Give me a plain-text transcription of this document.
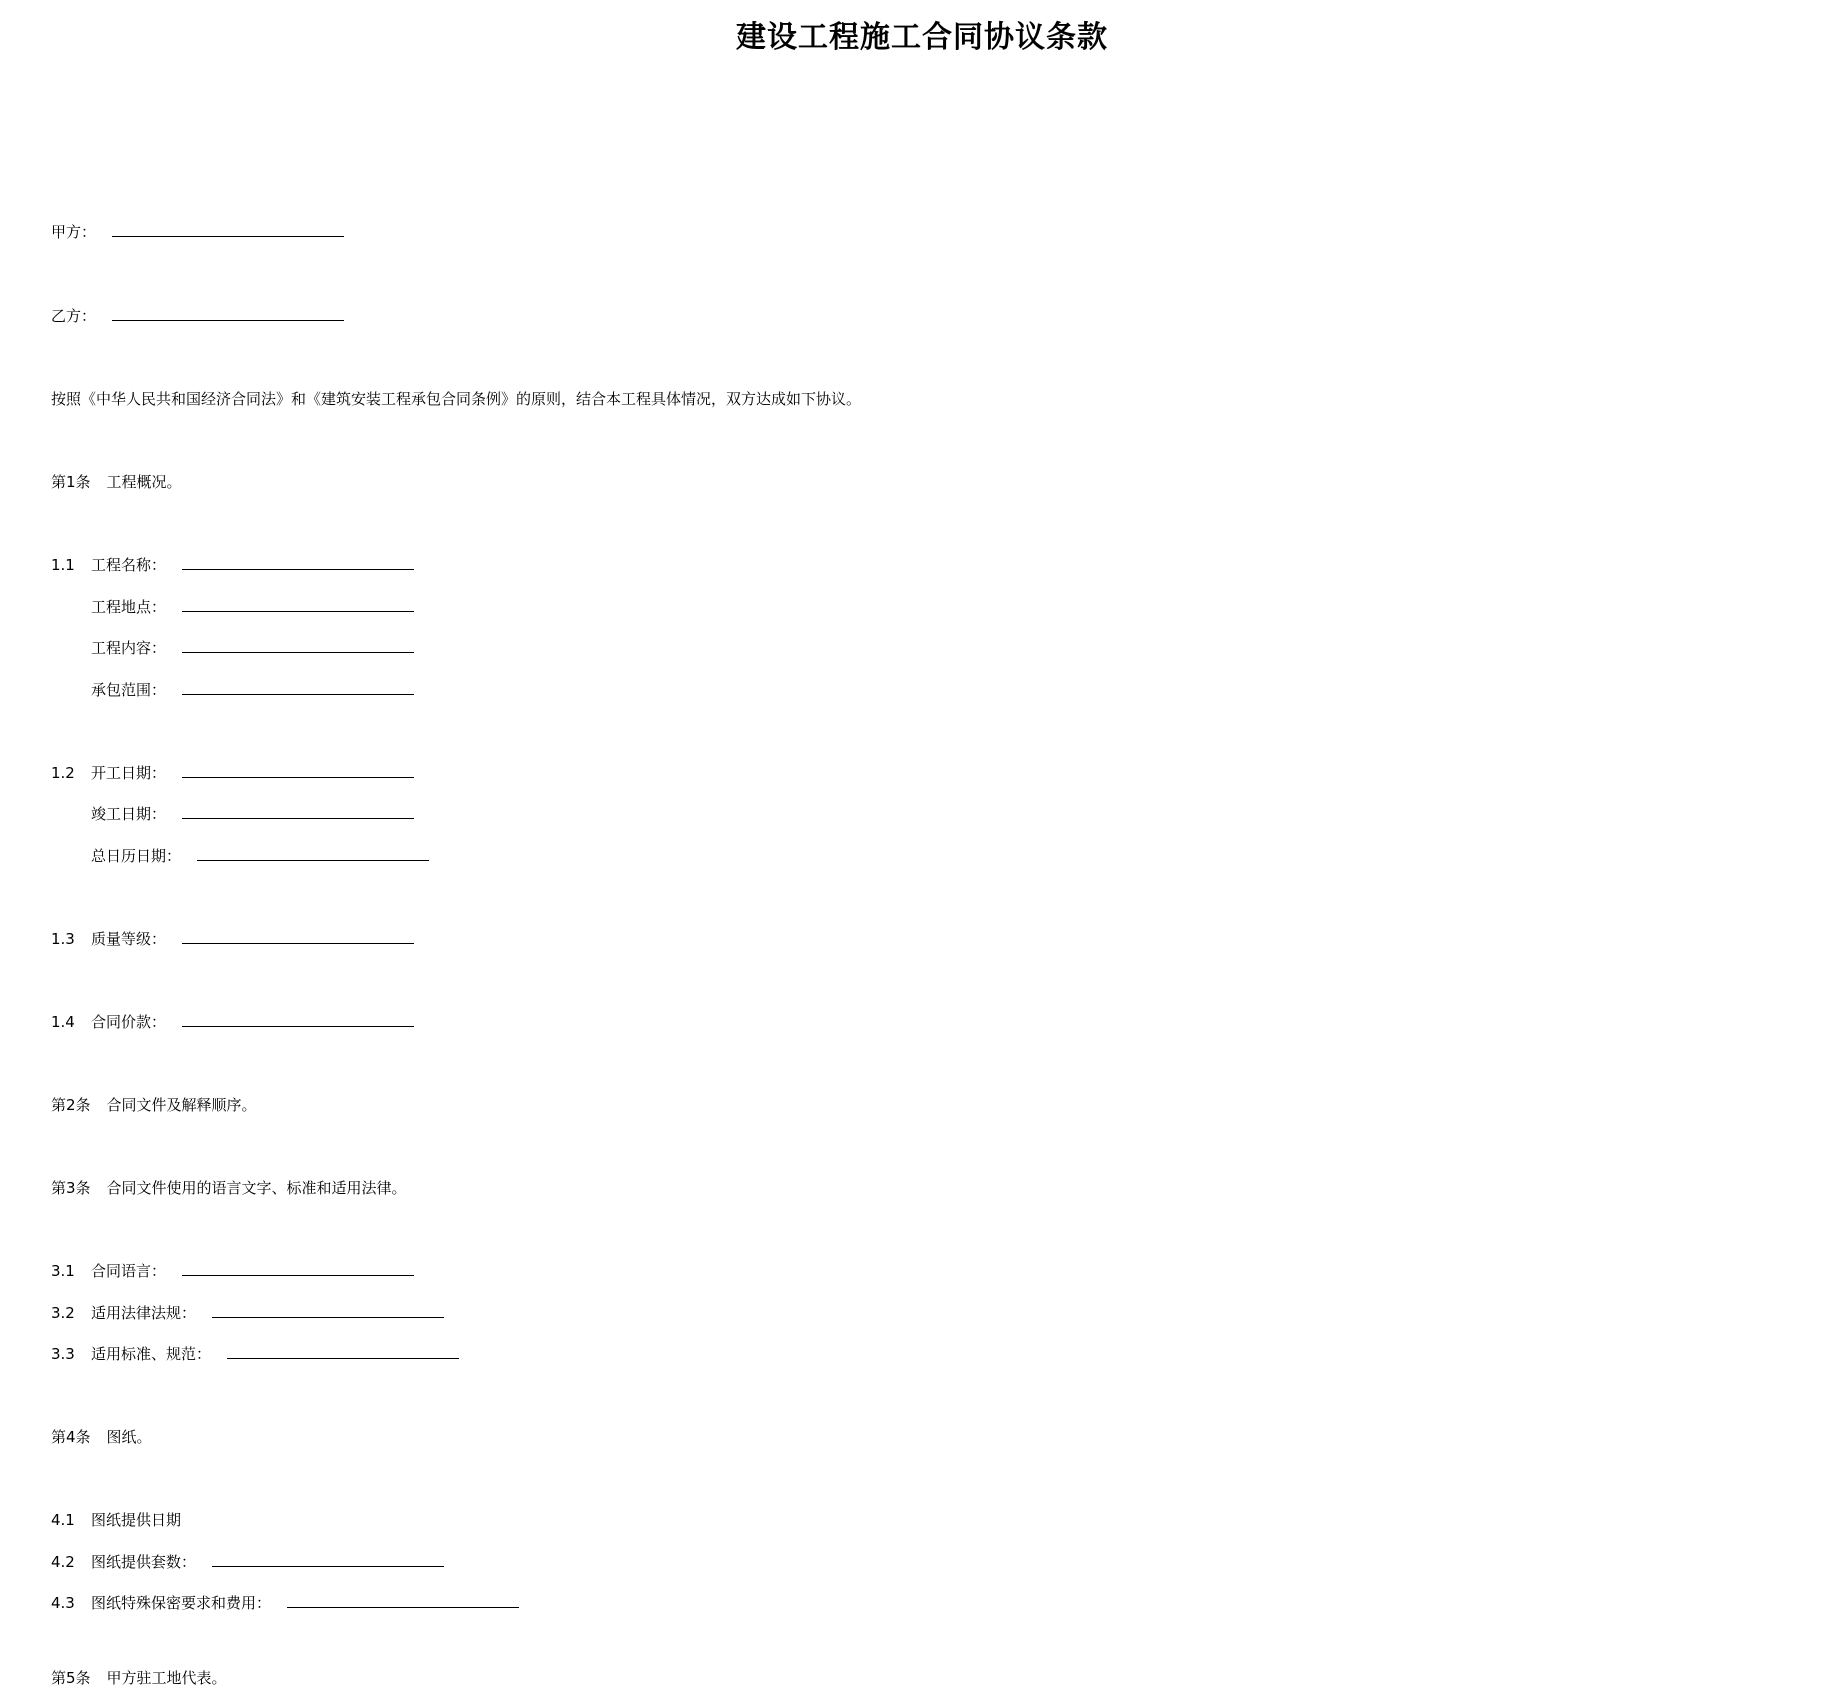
建设工程施工合同协议条款
甲方：
乙方：
按照《中华人民共和国经济合同法》和《建筑安装工程承包合同条例》的原则，结合本工程具体情况，双方达成如下协议。
第1条 工程概况。
1.1 工程名称：
工程地点：
工程内容：
承包范围：
1.2 开工日期：
竣工日期：
总日历日期：
1.3 质量等级：
1.4 合同价款：
第2条 合同文件及解释顺序。
第3条 合同文件使用的语言文字、标准和适用法律。
3.1 合同语言：
3.2 适用法律法规：
3.3 适用标准、规范：
第4条 图纸。
4.1 图纸提供日期
4.2 图纸提供套数：
4.3 图纸特殊保密要求和费用：
第5条 甲方驻工地代表。
